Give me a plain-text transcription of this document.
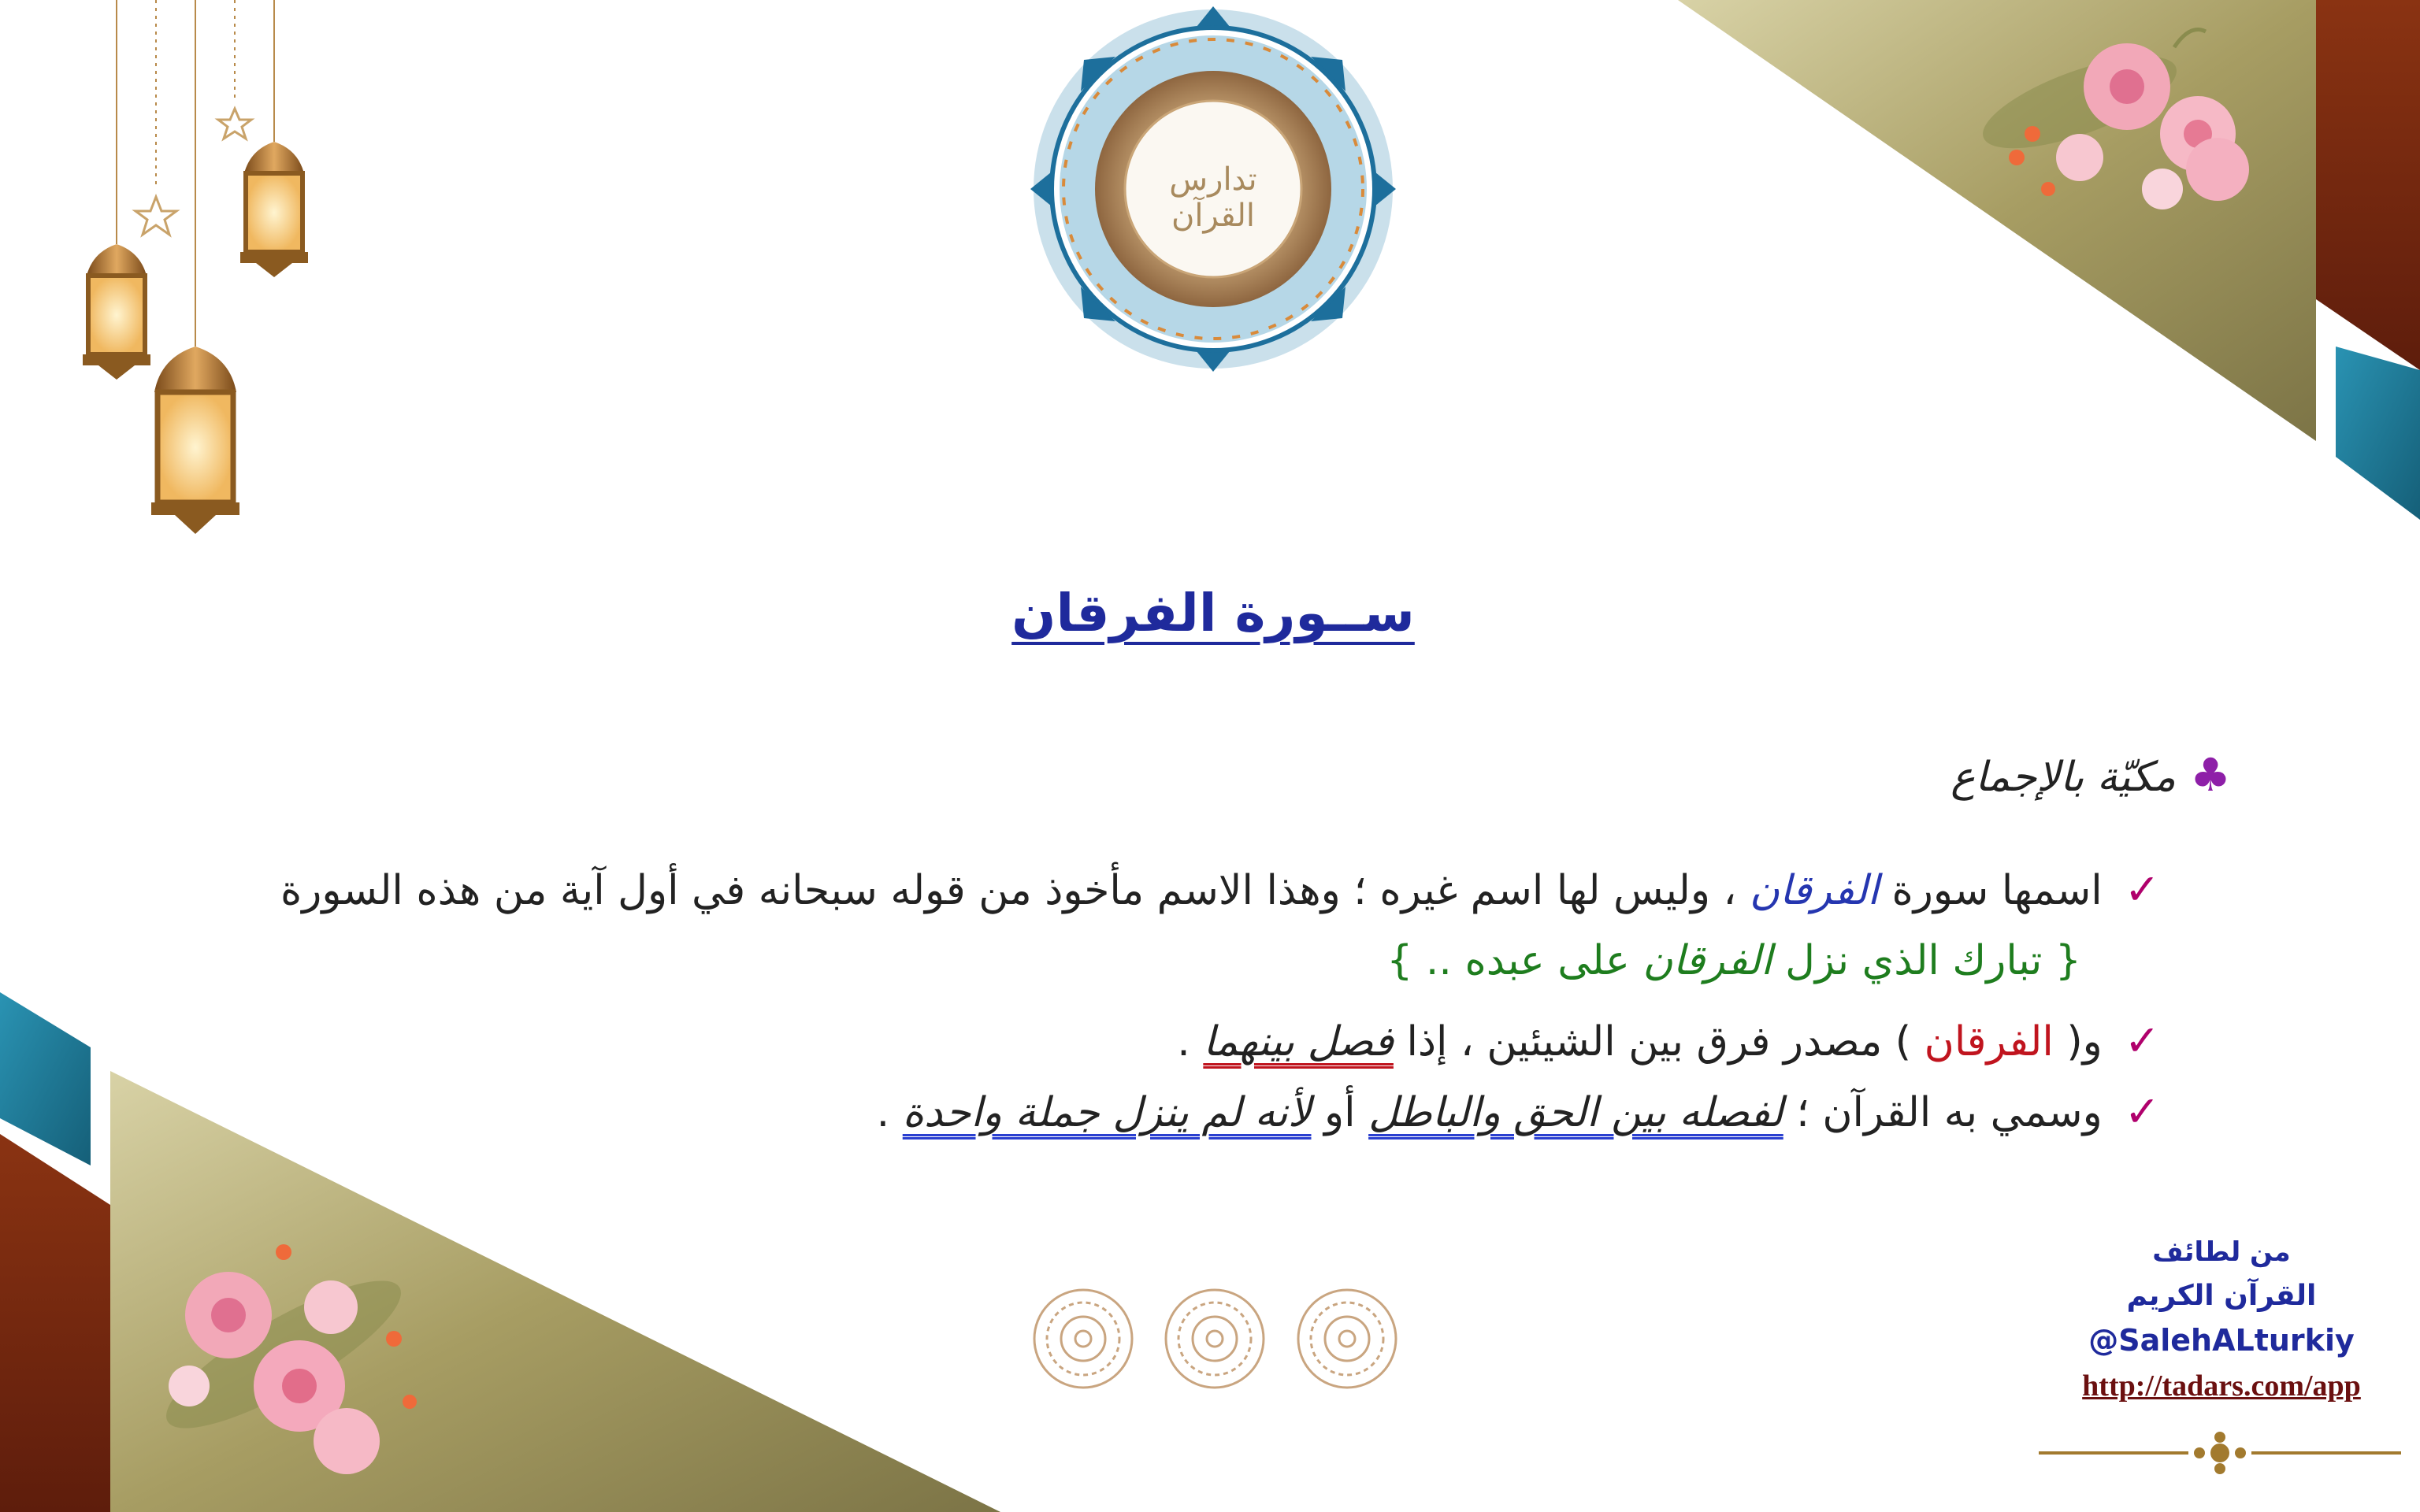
تدارس القرآن
ســورة الفرقان
♣مكيّة بالإجماع
✓اسمها سورة الفرقان ، وليس لها اسم غيره ؛ وهذا الاسم مأخوذ من قوله سبحانه في أول آية من هذه السورة
{ تبارك الذي نزل الفرقان على عبده .. }
✓و( الفرقان ) مصدر فرق بين الشيئين ، إذا فصل بينهما .
✓وسمي به القرآن ؛ لفصله بين الحق والباطل أو لأنه لم ينزل جملة واحدة .
من لطائف
القرآن الكريم
@SalehALturkiy
http://tadars.com/app
